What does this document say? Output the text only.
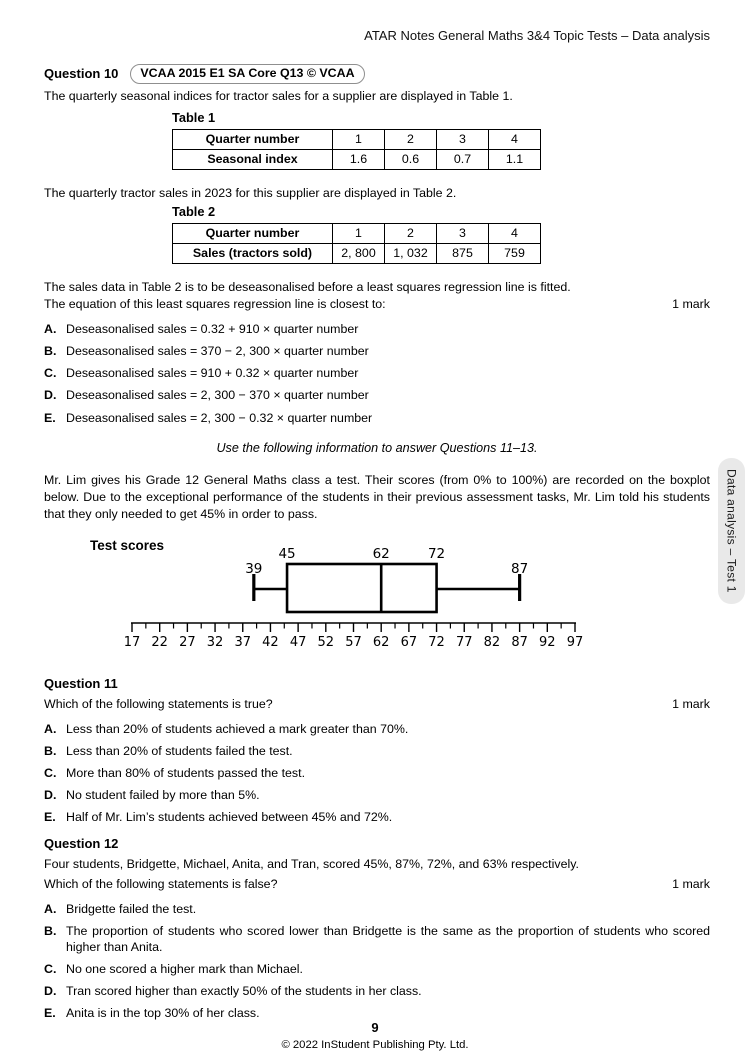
ATAR Notes General Maths 3&4 Topic Tests – Data analysis
Data analysis – Test 1
Question 10	VCAA 2015 E1 SA Core Q13 © VCAA
The quarterly seasonal indices for tractor sales for a supplier are displayed in Table 1.
Table 1
Quarter number	1	2	3	4
Seasonal index	1.6	0.6	0.7	1.1
The quarterly tractor sales in 2023 for this supplier are displayed in Table 2.
Table 2
Quarter number	1	2	3	4
Sales (tractors sold)	2, 800	1, 032	875	759
The sales data in Table 2 is to be deseasonalised before a least squares regression line is fitted.
The equation of this least squares regression line is closest to:	1 mark
A. Deseasonalised sales = 0.32 + 910 × quarter number
B. Deseasonalised sales = 370 − 2, 300 × quarter number
C. Deseasonalised sales = 910 + 0.32 × quarter number
D. Deseasonalised sales = 2, 300 − 370 × quarter number
E. Deseasonalised sales = 2, 300 − 0.32 × quarter number
Use the following information to answer Questions 11–13.
Mr. Lim gives his Grade 12 General Maths class a test. Their scores (from 0% to 100%) are recorded on the boxplot below. Due to the exceptional performance of the students in their previous assessment tasks, Mr. Lim told his students that they only needed to get 45% in order to pass.
Test scores
45	62	72
39	87
17 22 27 32 37 42 47 52 57 62 67 72 77 82 87 92 97
Question 11
Which of the following statements is true?	1 mark
A. Less than 20% of students achieved a mark greater than 70%.
B. Less than 20% of students failed the test.
C. More than 80% of students passed the test.
D. No student failed by more than 5%.
E. Half of Mr. Lim’s students achieved between 45% and 72%.
Question 12
Four students, Bridgette, Michael, Anita, and Tran, scored 45%, 87%, 72%, and 63% respectively.
Which of the following statements is false?	1 mark
A. Bridgette failed the test.
B. The proportion of students who scored lower than Bridgette is the same as the proportion of students who scored higher than Anita.
C. No one scored a higher mark than Michael.
D. Tran scored higher than exactly 50% of the students in her class.
E. Anita is in the top 30% of her class.
9
© 2022 InStudent Publishing Pty. Ltd.
